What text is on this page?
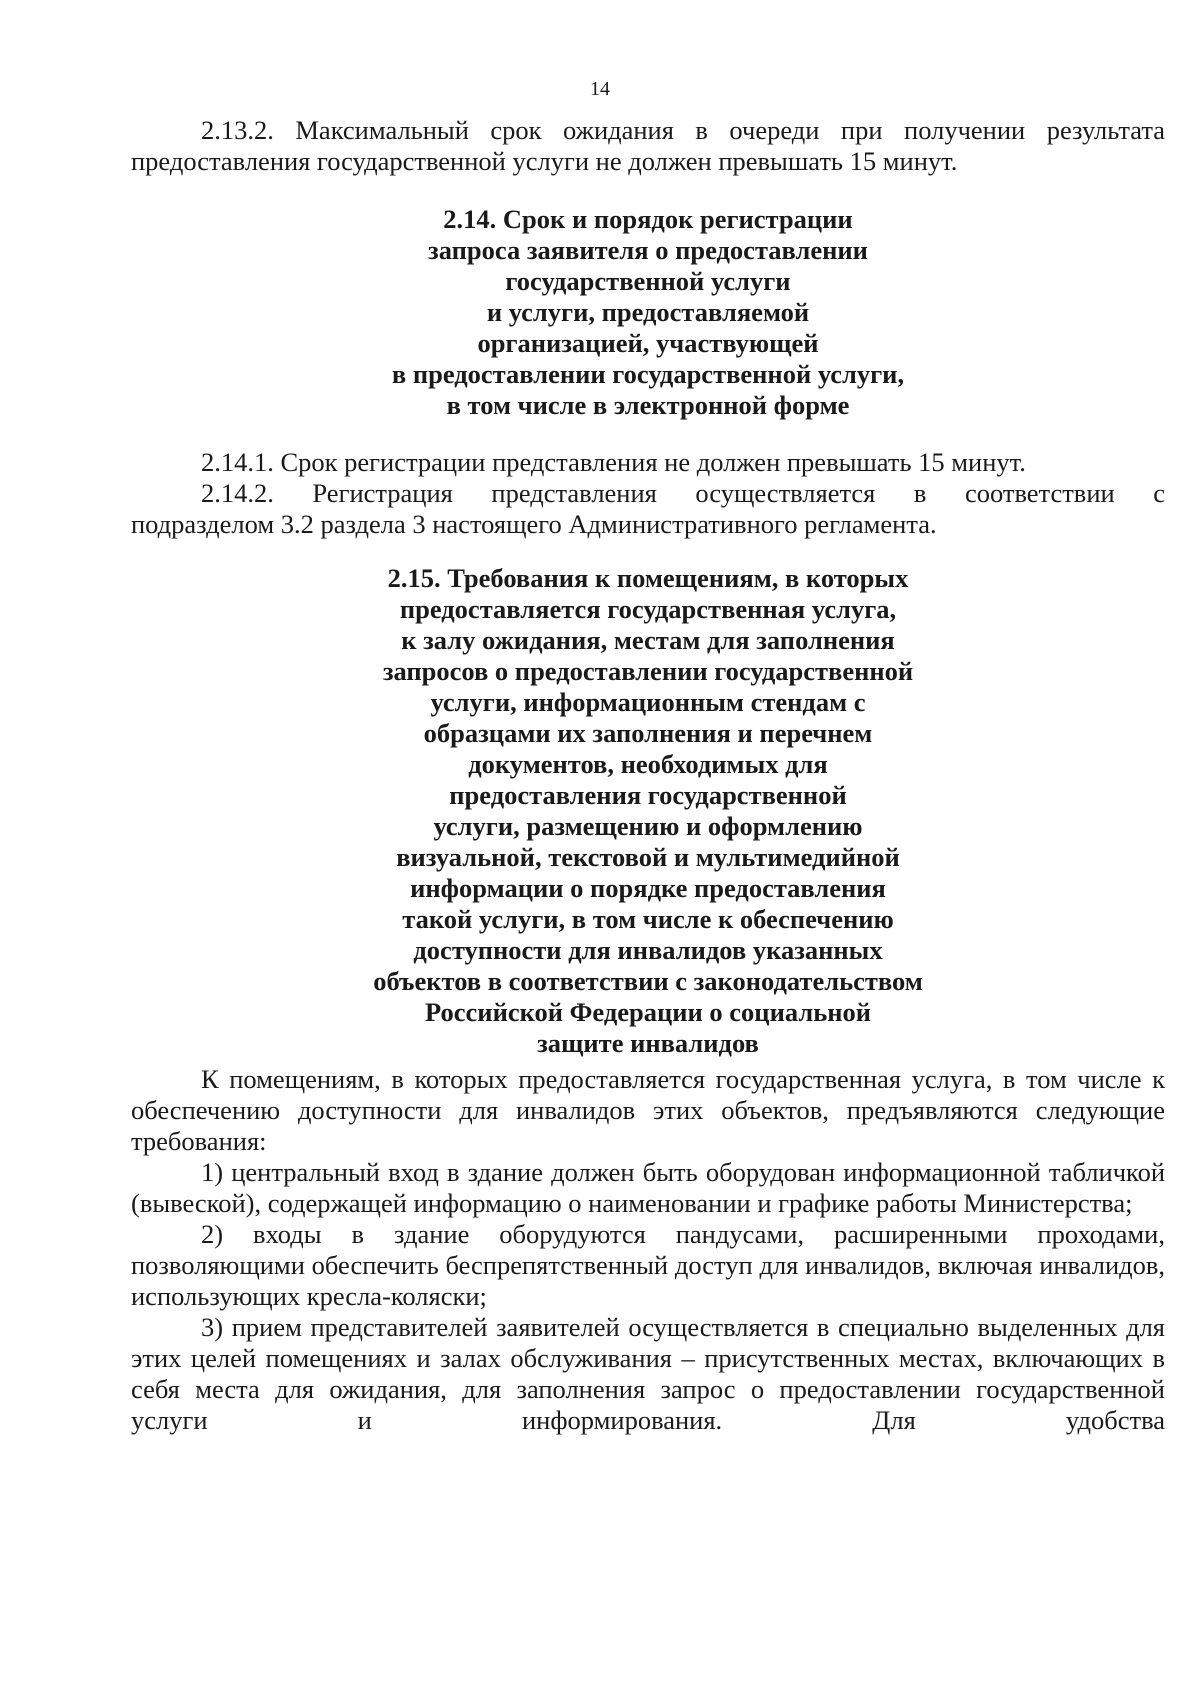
14

2.13.2. Максимальный срок ожидания в очереди при получении результата

предоставления государственной услуги не должен превышать 15 минут.

2.14. Срок и порядок регистрации
запроса заявителя о предоставлении
государственной услуги
и услуги, предоставляемой
организацией, участвующей
в предоставлении государственной услуги,
в том числе в электронной форме

2.14.1. Срок регистрации представления не должен превышать 15 минут.

2.14.2. Регистрация представления осуществляется в соответствии с

подразделом 3.2 раздела 3 настоящего Административного регламента.

2.15. Требования к помещениям, в которых
предоставляется государственная услуга,
к залу ожидания, местам для заполнения
запросов о предоставлении государственной
услуги, информационным стендам с
образцами их заполнения и перечнем
документов, необходимых для
предоставления государственной
услуги, размещению и оформлению
визуальной, текстовой и мультимедийной
информации о порядке предоставления
такой услуги, в том числе к обеспечению
доступности для инвалидов указанных
объектов в соответствии с законодательством
Российской Федерации о социальной
защите инвалидов

К помещениям, в которых предоставляется государственная услуга, в том числе к обеспечению доступности для инвалидов этих объектов, предъявляются следующие требования:

1) центральный вход в здание должен быть оборудован информационной табличкой (вывеской), содержащей информацию о наименовании и графике работы Министерства;

2) входы в здание оборудуются пандусами, расширенными проходами, позволяющими обеспечить беспрепятственный доступ для инвалидов, включая инвалидов, использующих кресла-коляски;

3) прием представителей заявителей осуществляется в специально выделенных для этих целей помещениях и залах обслуживания – присутственных местах, включающих в себя места для ожидания, для заполнения запрос о предоставлении государственной услуги и информирования. Для удобства
